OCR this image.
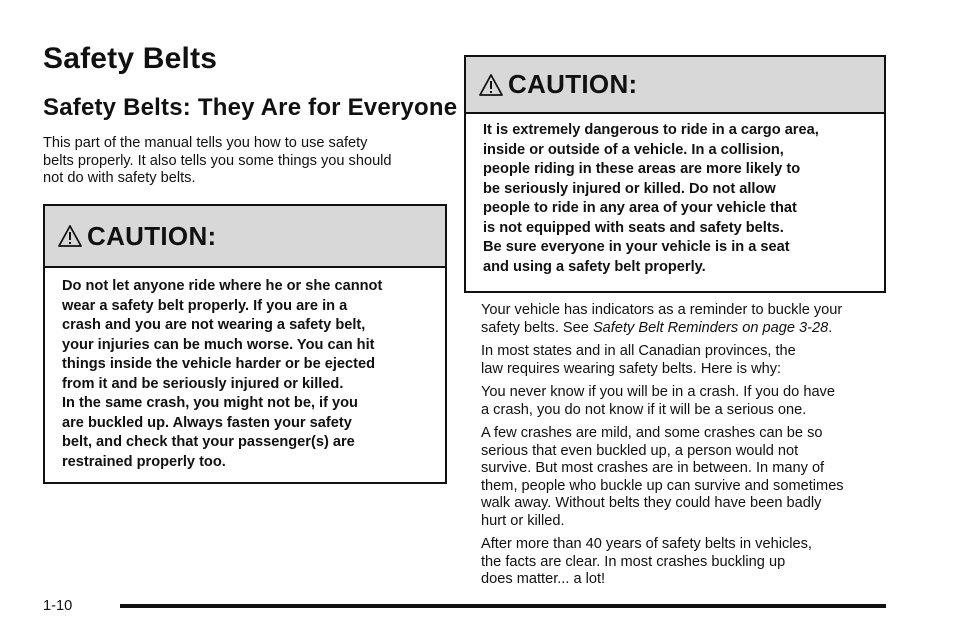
Safety Belts
Safety Belts: They Are for Everyone

This part of the manual tells you how to use safety
belts properly. It also tells you some things you should
not do with safety belts.

CAUTION:
Do not let anyone ride where he or she cannot
wear a safety belt properly. If you are in a
crash and you are not wearing a safety belt,
your injuries can be much worse. You can hit
things inside the vehicle harder or be ejected
from it and be seriously injured or killed.
In the same crash, you might not be, if you
are buckled up. Always fasten your safety
belt, and check that your passenger(s) are
restrained properly too.
CAUTION:
It is extremely dangerous to ride in a cargo area,
inside or outside of a vehicle. In a collision,
people riding in these areas are more likely to
be seriously injured or killed. Do not allow
people to ride in any area of your vehicle that
is not equipped with seats and safety belts.
Be sure everyone in your vehicle is in a seat
and using a safety belt properly.

Your vehicle has indicators as a reminder to buckle your
safety belts. See Safety Belt Reminders on page 3-28.

In most states and in all Canadian provinces, the
law requires wearing safety belts. Here is why:

You never know if you will be in a crash. If you do have
a crash, you do not know if it will be a serious one.

A few crashes are mild, and some crashes can be so
serious that even buckled up, a person would not
survive. But most crashes are in between. In many of
them, people who buckle up can survive and sometimes
walk away. Without belts they could have been badly
hurt or killed.

After more than 40 years of safety belts in vehicles,
the facts are clear. In most crashes buckling up
does matter... a lot!

1-10
